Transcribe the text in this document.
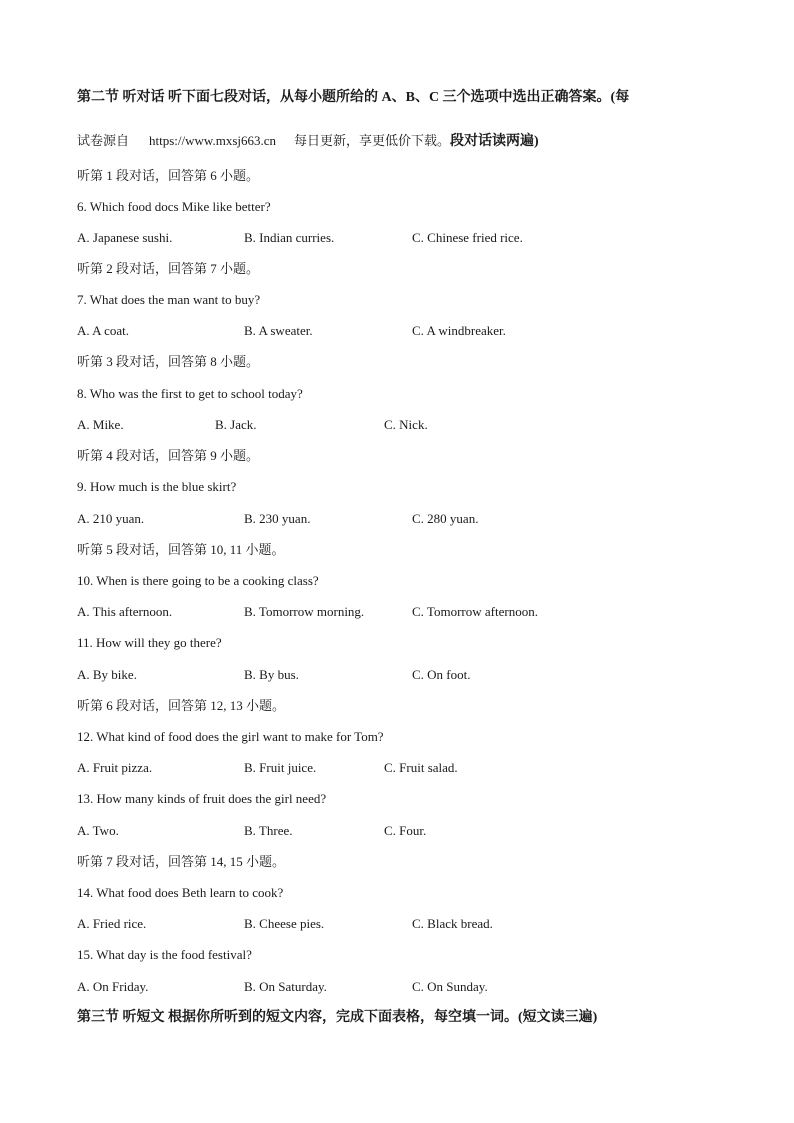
第二节 听对话 听下面七段对话，从每小题所给的 A、B、C 三个选项中选出正确答案。(每
试卷源自 https://www.mxsj663.cn 每日更新，享更低价下载。段对话读两遍)
听第 1 段对话，回答第 6 小题。
6. Which food docs Mike like better?
A. Japanese sushi.	B. Indian curries.	C. Chinese fried rice.
听第 2 段对话，回答第 7 小题。
7. What does the man want to buy?
A. A coat.	B. A sweater.	C. A windbreaker.
听第 3 段对话，回答第 8 小题。
8. Who was the first to get to school today?
A. Mike.	B. Jack.	C. Nick.
听第 4 段对话，回答第 9 小题。
9. How much is the blue skirt?
A. 210 yuan.	B. 230 yuan.	C. 280 yuan.
听第 5 段对话，回答第 10, 11 小题。
10. When is there going to be a cooking class?
A. This afternoon.	B. Tomorrow morning.	C. Tomorrow afternoon.
11. How will they go there?
A. By bike.	B. By bus.	C. On foot.
听第 6 段对话，回答第 12, 13 小题。
12. What kind of food does the girl want to make for Tom?
A. Fruit pizza.	B. Fruit juice.	C. Fruit salad.
13. How many kinds of fruit does the girl need?
A. Two.	B. Three.	C. Four.
听第 7 段对话，回答第 14, 15 小题。
14. What food does Beth learn to cook?
A. Fried rice.	B. Cheese pies.	C. Black bread.
15. What day is the food festival?
A. On Friday.	B. On Saturday.	C. On Sunday.
第三节 听短文 根据你所听到的短文内容，完成下面表格，每空填一词。(短文读三遍)
